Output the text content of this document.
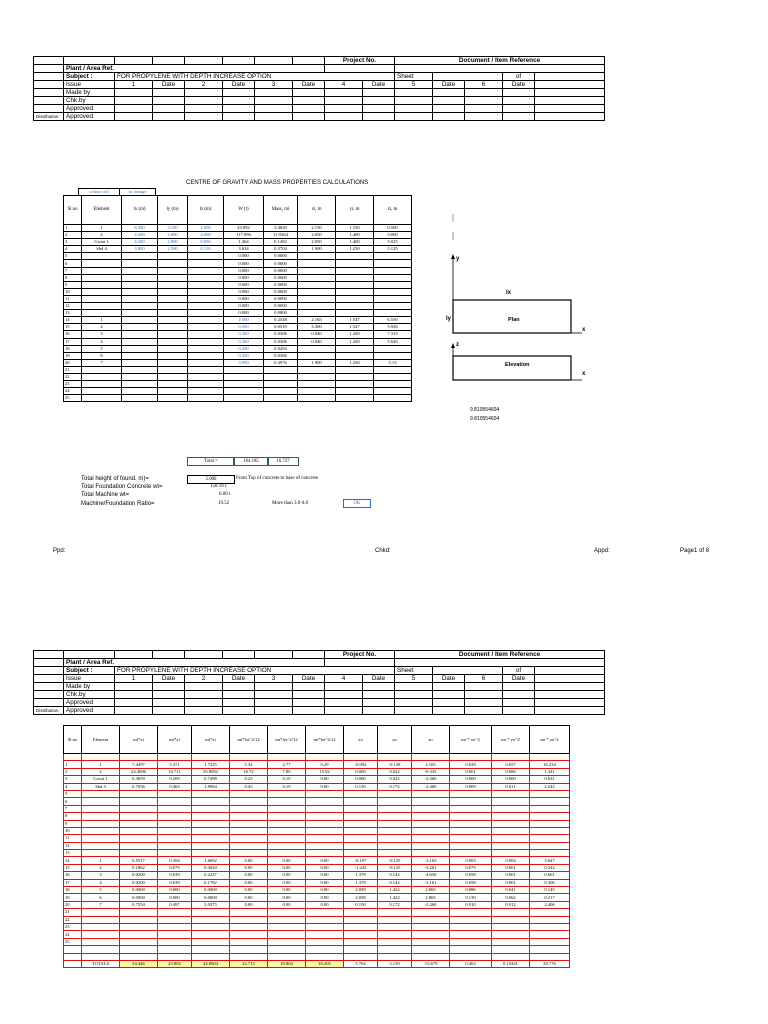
								Project No.		Document / Item Reference				
	Plant / Area Ref.													
	Subject :	FOR PROPYLENE WITH DEPTH INCREASE OPTION								Sheet			of	
	Issue	1	Date	2	Date	3	Date	4	Date	5	Date	6	Date	
	Made by													
	Chk.by													
	Approved													
Distribution	Approved													
CENTRE OF GRAVITY AND MASS PROPERTIES CALCULATIONS
colour cell	to change
Sl.no	Element	lx (m)	ly (m)	lz (m)	W (t)	Mass, mi	xi, m	yi, m	zi, m
1	1	6.300	3.100	1.000	33.992	3.4650	2.150	1.550	0.500
2	2	4.300	2.800	4.000	117.096	11.9364	2.050	1.400	3.000
3	Grout 1	4.300	2.800	0.050	1.464	0.1492	2.050	1.400	5.025
4	Skd 4	3.800	2.500	0.150	3.634	0.3704	1.900	1.250	5.125
5					0.000	0.0000			
6					0.000	0.0000			
7					0.000	0.0000			
8					0.000	0.0000			
9					0.000	0.0000			
10					0.000	0.0000			
11					0.000	0.0000			
12					0.000	0.0000			
13					0.000	0.0000			
14	1				2.500	0.2548	2.165	1.547	6.550
15	2				0.500	0.0510	3.300	1.547	5.926
16	3				0.300	0.0306	0.840	1.260	7.315
17	4				0.300	0.0306	0.840	1.260	5.626
18	5				0.200	0.0204			
19	6				0.300	0.0306			
20	7				3.900	0.3976	1.900	1.250	5.13
21									
22									
23									
24									
25									
Total =	164.185	16.737
Total height of found. m)=	5.000	From Top of concrete to base of concrete
Total Foundation Concrete wt=	158.16 t
Total Machine wt=	6.00 t
Machine/Foundation Ratio=	19.52	More than 3.0-4.0	OK
y
lx
ly	Plan
x
z
Elevation
x
9.810554604
9.810554604
Ppd:	Chkd:	Appd:	Page1 of 8
								Project No.		Document / Item Reference				
	Plant / Area Ref.													
	Subject :	FOR PROPYLENE WITH DEPTH INCREASE OPTION								Sheet			of	
	Issue	1	Date	2	Date	3	Date	4	Date	5	Date	6	Date	
	Made by													
	Chk.by													
	Approved													
Distribution	Approved													
Sl.no	Element	mi*xi	mi*yi	mi*zi	mi*lxi^2/12	mi*lyi^2/12	mi*lzi^2/12	xo	yo	zo	mi * xo^2	mi * yo^2	mi * zo^2

1	1	7.4497	5.371	1.7325	5.34	2.77	0.29	-0.092	-0.128	2.165	0.029	0.057	16.234
2	2	24.4696	16.711	35.8092	16.72	7.80	15.92	0.006	0.022	-0.335	0.001	0.006	1.341
3	Grout 1	0.3059	0.209	0.7498	0.23	0.10	0.00	0.006	0.022	-2.360	0.000	0.000	0.631
4	Skd 4	0.7036	0.463	1.8984	0.45	0.19	0.00	0.150	0.172	-2.460	0.009	0.011	2.242
5													
6													
7													
8													
9													
10													
11													
12													
13													
14	1	0.5517	0.394	1.6692	0.00	0.00	0.00	-0.107	-0.125	-3.165	0.003	0.004	3.647
15	2	0.1862	0.079	0.3020	0.00	0.00	0.00	-1.242	-0.125	-3.261	0.079	0.001	0.542
16	3	0.0200	0.039	0.2237	0.00	0.00	0.00	1.378	0.142	-4.650	0.058	0.001	0.661
17	4	0.0200	0.039	0.1782	0.00	0.00	0.00	1.378	0.142	-3.161	0.058	0.001	0.306
18	5	0.0000	0.000	0.0000	0.00	0.00	0.00	2.058	1.422	2.865	0.086	0.041	0.145
19	6	0.0000	0.000	0.0000	0.00	0.00	0.00	2.058	1.422	2.865	0.130	0.062	0.217
20	7	0.7554	0.497	2.0375	0.00	0.00	0.00	0.150	0.172	-2.460	0.010	0.012	2.406
21													
22													
23													
24													
25													

	TOTALS	34.446	23.802	44.8004	22.715	10.864	16.205	5.764	3.139	-15.679	0.463	0.19441	28.776
